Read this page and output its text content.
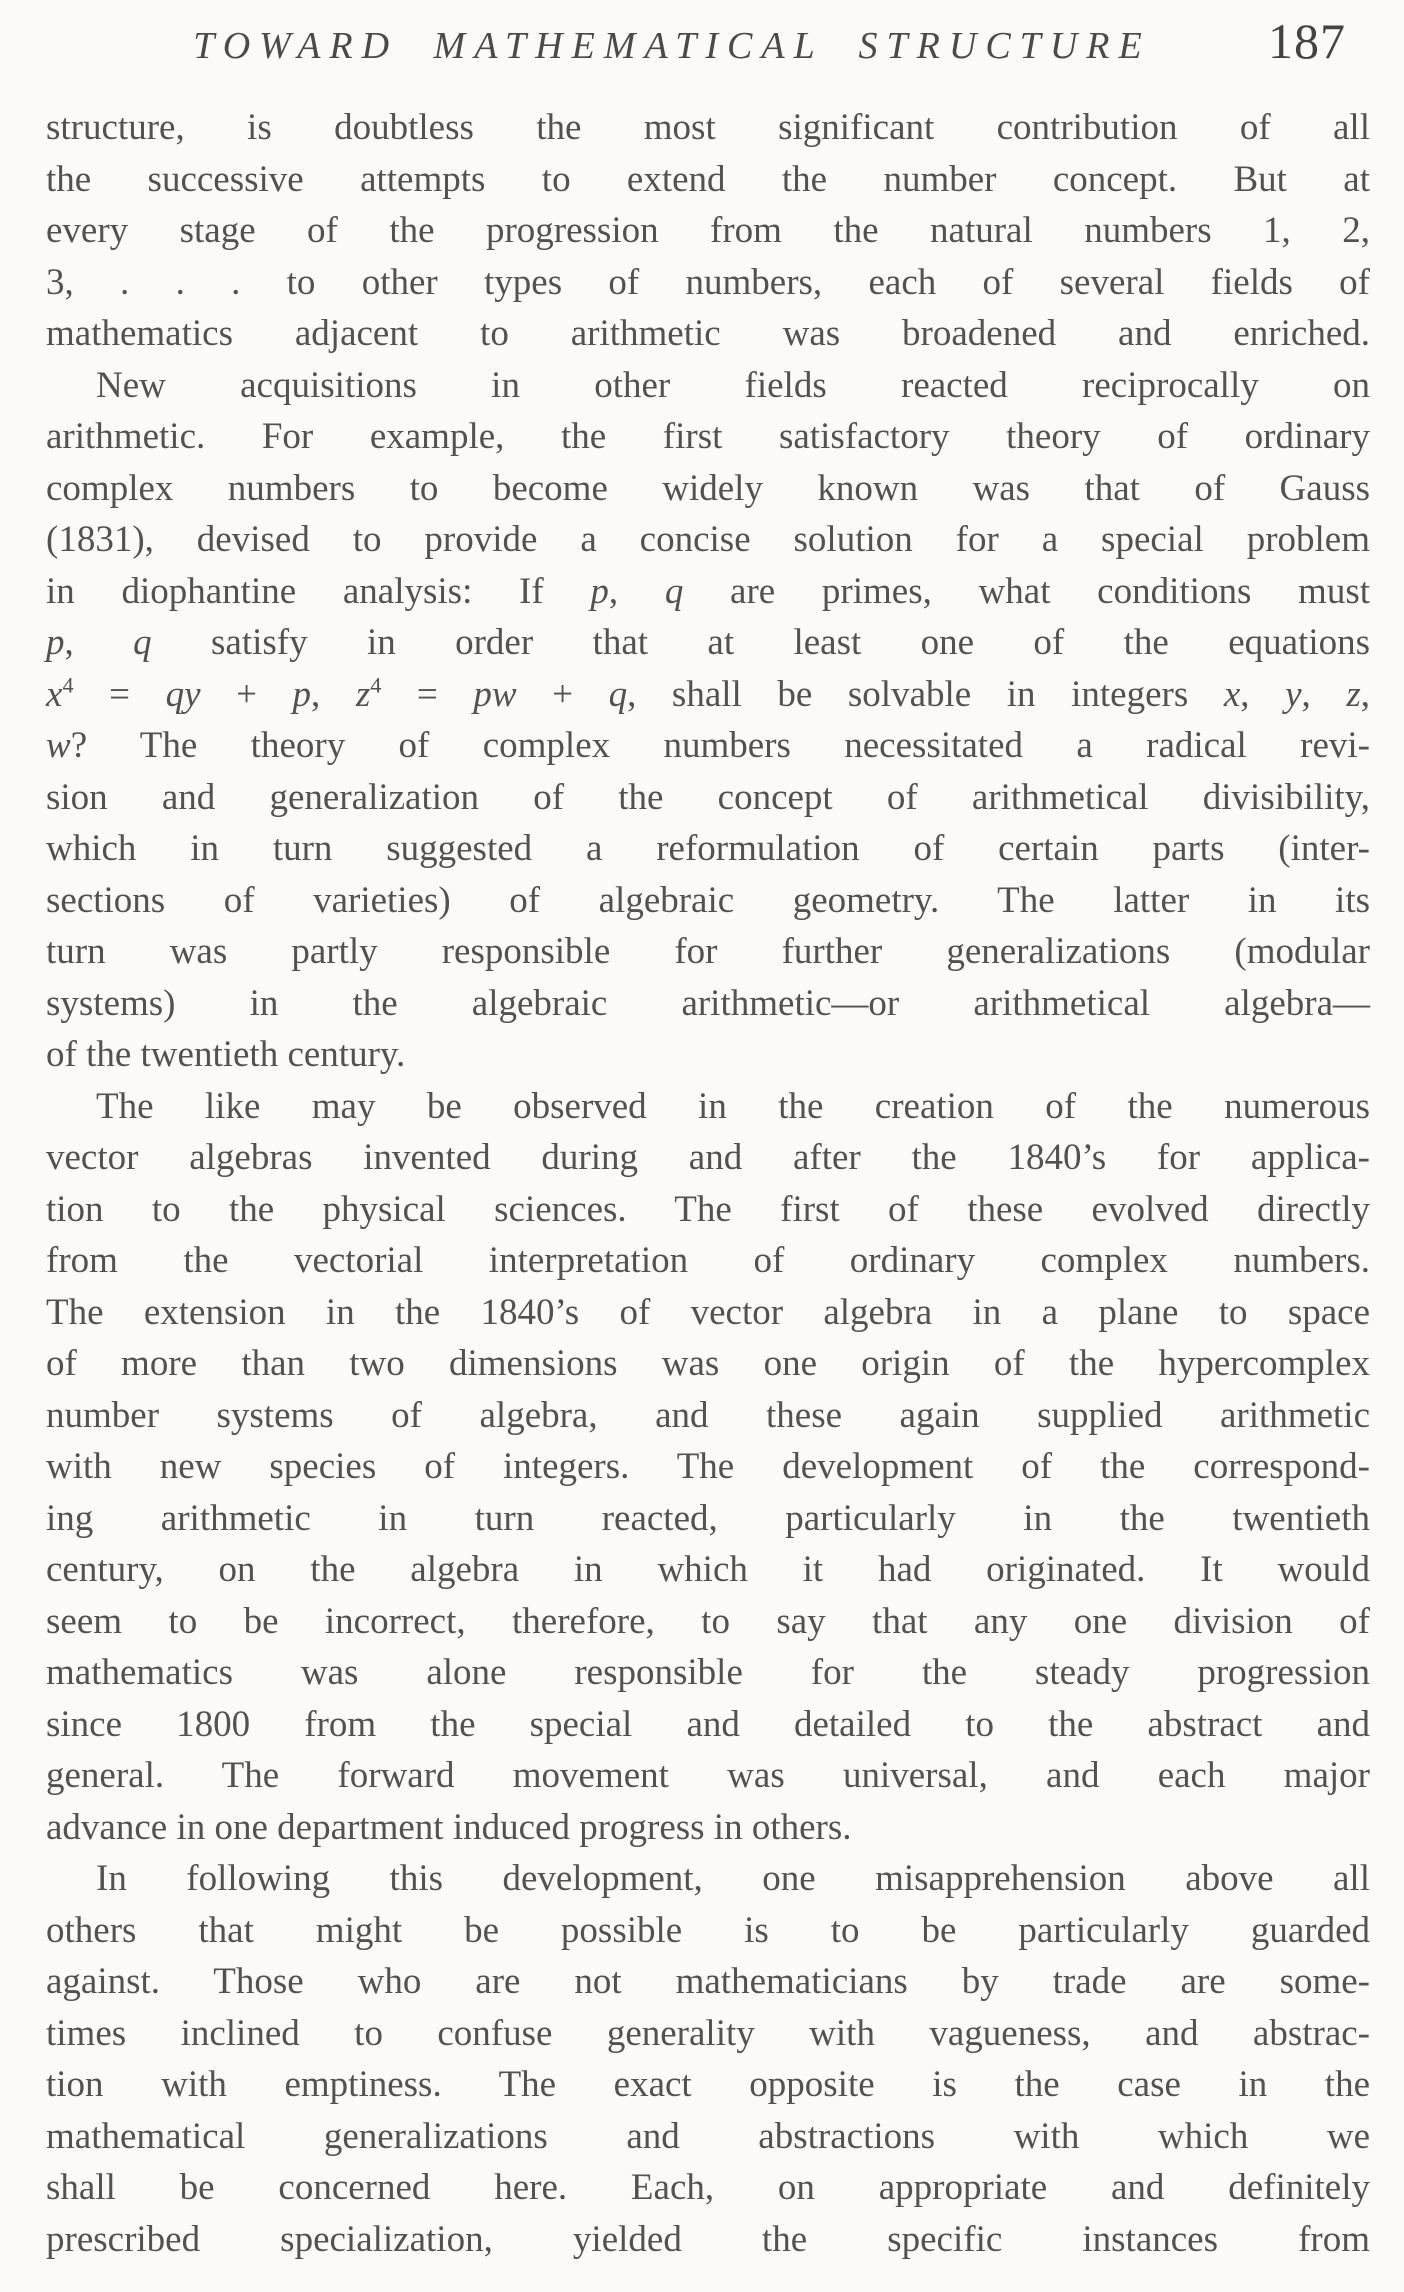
TOWARD MATHEMATICAL STRUCTURE	187
structure, is doubtless the most significant contribution of all
the successive attempts to extend the number concept. But at
every stage of the progression from the natural numbers 1, 2,
3, . . . to other types of numbers, each of several fields of
mathematics adjacent to arithmetic was broadened and enriched.
New acquisitions in other fields reacted reciprocally on
arithmetic. For example, the first satisfactory theory of ordinary
complex numbers to become widely known was that of Gauss
(1831), devised to provide a concise solution for a special problem
in diophantine analysis: If p, q are primes, what conditions must
p, q satisfy in order that at least one of the equations
$x^4$ = qy + p, $z^4$ = pw + q, shall be solvable in integers x, y, z,
w? The theory of complex numbers necessitated a radical revi-
sion and generalization of the concept of arithmetical divisibility,
which in turn suggested a reformulation of certain parts (inter-
sections of varieties) of algebraic geometry. The latter in its
turn was partly responsible for further generalizations (modular
systems) in the algebraic arithmetic—or arithmetical algebra—
of the twentieth century.
The like may be observed in the creation of the numerous
vector algebras invented during and after the 1840’s for applica-
tion to the physical sciences. The first of these evolved directly
from the vectorial interpretation of ordinary complex numbers.
The extension in the 1840’s of vector algebra in a plane to space
of more than two dimensions was one origin of the hypercomplex
number systems of algebra, and these again supplied arithmetic
with new species of integers. The development of the correspond-
ing arithmetic in turn reacted, particularly in the twentieth
century, on the algebra in which it had originated. It would
seem to be incorrect, therefore, to say that any one division of
mathematics was alone responsible for the steady progression
since 1800 from the special and detailed to the abstract and
general. The forward movement was universal, and each major
advance in one department induced progress in others.
In following this development, one misapprehension above all
others that might be possible is to be particularly guarded
against. Those who are not mathematicians by trade are some-
times inclined to confuse generality with vagueness, and abstrac-
tion with emptiness. The exact opposite is the case in the
mathematical generalizations and abstractions with which we
shall be concerned here. Each, on appropriate and definitely
prescribed specialization, yielded the specific instances from
